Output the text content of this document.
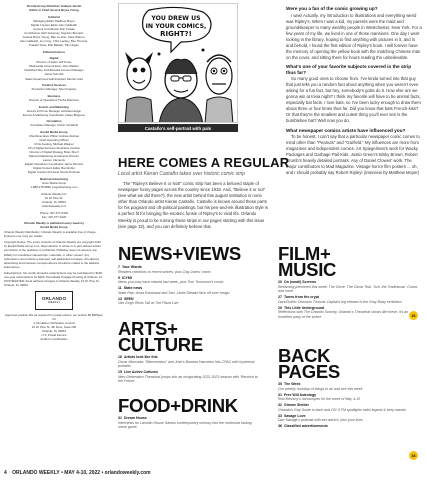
Florida Group Publisher Graham Jarrett
Editor in Chief Jessica Bryce Young
Editorial
Managing Editor Matthew Moyer
Digital Content Editor Alex Galbraith
Content Coordinator Erin Cowan
Contributors Seth Kubersky, Stephen Bernard,
Jessica Bryce Young, Bao Le-Huu, Katie Warren,
Alex Galbraith, Jen Cray, Chris Lackey, Ben Thomas,
Frankie Sosa, Rob Bartlett, Tilly Hogan
Editorial Interns
Digital
Director of Sales Jeff Kruse
Multimedia Account Exec. Dan Winkler
Classified Rep & Multimedia Account Manager
Jaime Schmidt
Sales Department Administrator Rachel Gold
Creative Services
Production Manager Tyler Kingsley
Business
Director of Operations Trisha Robinson
Events and Marketing
Events & Promo Manager Amanda Hodge
Events & Marketing Coordinator Casey Bisgrove
Circulation
Circulation Manager Corbin Vlodarski
Euclid Media Group
Chief Executive Officer Andrew Zelman
Chief Operating Officer
Chris Keating, Michael Wagner
VP of Digital Services Stephanie Carlson
Director of Digital Strategy Brian Sherf
National Marketing and Events Director
Lauren Clements
Digital Operations Coordinator Jaime Monzon
Digital Content Editor Ban Rubin
Digital Content Producer Nicole Dorfman
National Advertising
Voice Media Group
1-888-278-9866 vmgadvertising.com
Orlando Weekly Inc.
16 W. Pine St.
Orlando, FL 32801
orlandoweekly.com
Phone: 407-377-0400
Fax: 407-377-0420
Orlando Weekly is published every week by
Euclid Media Group

Orlando Weekly Distribution: Orlando Weekly is available free of charge, limited to one copy per reader.

Copyright Notice: The entire contents of Orlando Weekly are copyright 2022 by Euclid Media Group LLC. Reproduction in whole or in part without written permission of the publisher is prohibited. Publisher does not assume any liability for unsolicited manuscripts, materials, or other content. Any submission must include a stamped, self-addressed envelope. All editorial, advertising and business correspondence should be mailed to the address listed above.

Subscriptions: Six-month domestic subscriptions may be purchased for $100; one-year subscriptions for $200. Periodicals Postage Pending at Orlando, FL. POSTMASTER: Send address changes to Orlando Weekly, 16 W. Pine St., Orlando, FL 32801.

ORLANDO
WEEKLY
Approved position title as required for postal notices, per section 80 BWSpec 4 b
1 Circulation Verification Council
16 W. Pine St. 4th Floor, Suite 200
Orlando, FL 32801
U.S. Postal Service
Auditor's Certification
YOU DREW US
IN YOUR COMICS,
RIGHT?!
Castaño's self-portrait with pals
HERE COMES A REGULAR
Local artist Kieran Castaño takes over historic comic strip

The "Ripley's Believe It or Not!" comic strip has been a beloved staple of newspaper funny pages across the country since 1918. And, "Believe it or not" (see what we did there?), the new artist behind this august institution is none other than Orlando artist Kieran Castaño. Castaño is known around these parts for his poignant and oft-political paintings, but his pen-and-ink illustration style is a perfect fit for bringing the esoteric funsie of Ripley's to vivid life. Orlando Weekly is proud to be running these strips in our pages starting with this issue (see page 32), and you can definitely believe that.

Were you a fan of the comic growing up?

I was! Actually, my introduction to illustrations and everything weird was Ripley's. When I was a kid, my parents were the maid and groundskeeper to many wealthy people in Westchester, New York. For a few years of my life, we lived in one of those mansions. One day I went looking in the library, hoping to find anything with pictures in it, and lo and behold, I found the first edition of Ripley's book. I will forever have the memory of opening the yellow book with the matching Chinese man on the cover, and sitting there for hours reading the unbelievable.

What's one of your favorite subjects covered in the strip thus far?

So many good ones to choose from. I've kinda turned into that guy that just tells you a random fact about anything when you weren't even asking for a fun fact, but hey, somebody's gotta do it. How else are we gonna win at trivia night? I think my favorite will have to be animal facts, especially bat facts. I love bats, so I've been lucky enough to draw them about three or four times thus far. Did you know that bats French-kiss? Or that they're the smallest and cutest thing you'll ever see is the bumblebee bat? Well now you do.

What newspaper comics artists have influenced you?

To be honest, I can't say that a particular newspaper comic comes to mind other than "Peanuts" and "Garfield." My influences are more from magazines and independent comics. Art Spiegelman's work for Wacky Packages and Garbage Pail Kids. Justin Green's Binky Brown. Robert Crumb's heavily detailed portraits. Any of Daniel Clowes' work. The major contributors to Mad Magazine. Vintage horror film posters ... oh, and I should probably say Robert Ripley! (interview by Matthew Moyer)

NEWS+VIEWS
7 Your Words
Readers reactions to recent stories, plus Clay Jones' comic
9 ICYMI
News you may have missed last week, plus Tom Tomorrow's comic
11 State news
State Rep. Anna Eskamani and Sen. Linda Stewart face off over resign
13 SEEN
Van Gogh Rises Tall at The Plaza Live
ARTS+ CULTURE
16 Artists look like this
Oscar Moncada: "Bienvenidos" and Jose's Banana Hamsters hits CPAC with hysterical portraits
19 Live Active Cultures
New Generation Theatrical jumps into an invigorating 2022-2023 season with 'Reunion to the Future'
FOOD+DRINK
31 Dream House
Interviews for Lamblin House Santos contemporary whimsy into the molecular tasting menu game
FILM+ MUSIC
20 On (small) Screens
Streaming premieres this week: The Circle, The Oscar Trial, Tom, the Tradesman, Cobra, and more
27 Tunes from the crypt
Dark/Gothic Cenzano Thomas Capital's big release is the Gray Baby exhibition
29 This Little Underground
Reflections with The Orlando Sorority, Orlando's Theatrical shows like these, it's an excellent party of the scene
BACK PAGES
30 The Week
Our weekly roundup of things to do and see this week
31 Free Will Astrology
Rob Brezsny's horoscopes for the week of May 4-10
32 Gimme Shelter
Orlando's Gay Guide is back and 101.5 FM spotlights radio legend & keep stands
33 Savage Love
Dan Savage's podcast with sex advice, plus your lives
36 Classified advertisements
26
33
4 ORLANDO WEEKLY • MAY 4-10, 2022 • orlandoweekly.com
